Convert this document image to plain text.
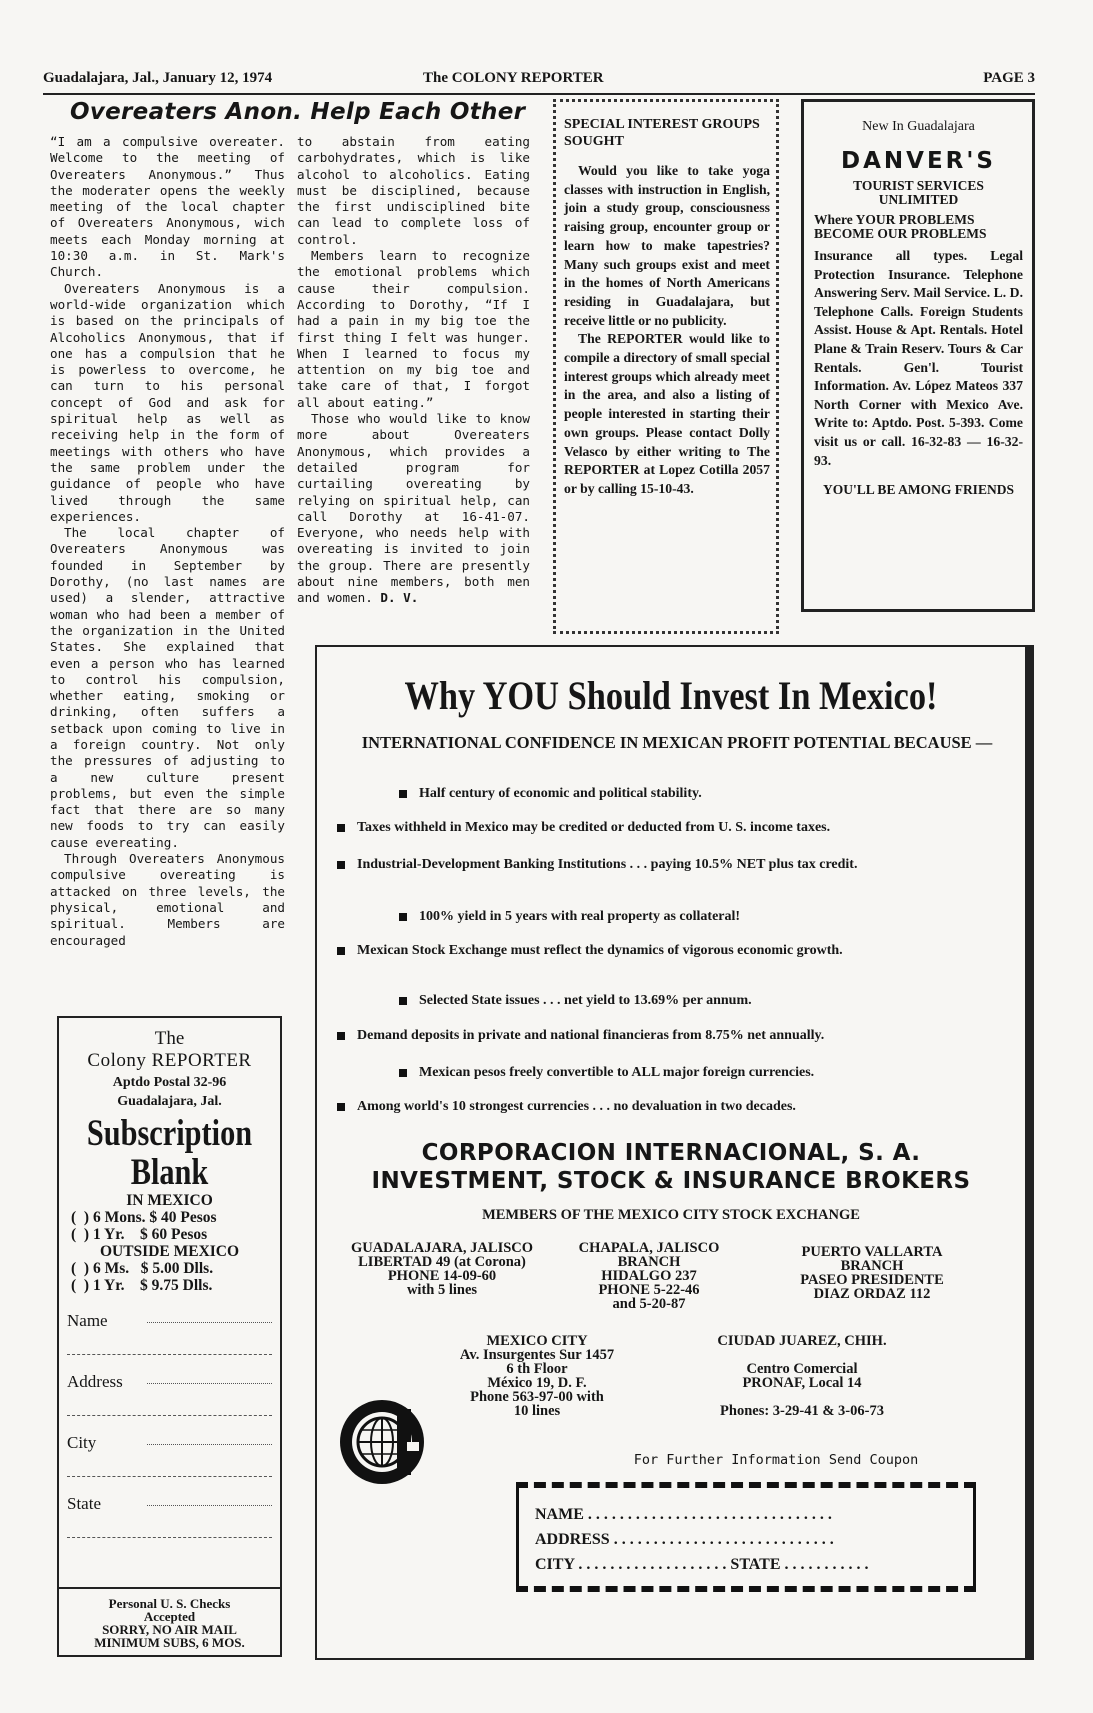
Guadalajara, Jal., January 12, 1974	The COLONY REPORTER	PAGE 3
Overeaters Anon. Help Each Other

“I am a compulsive overeater. Welcome to the meeting of Overeaters Anonymous.” Thus the moderater opens the weekly meeting of the local chapter of Overeaters Anonymous, wich meets each Monday morning at 10:30 a.m. in St. Mark's Church.

Overeaters Anonymous is a world-wide organization which is based on the principals of Alcoholics Anonymous, that if one has a compulsion that he is powerless to overcome, he can turn to his personal concept of God and ask for spiritual help as well as receiving help in the form of meetings with others who have the same problem under the guidance of people who have lived through the same experiences.

The local chapter of Overeaters Anonymous was founded in September by Dorothy, (no last names are used) a slender, attractive woman who had been a member of the organization in the United States. She explained that even a person who has learned to control his compulsion, whether eating, smoking or drinking, often suffers a setback upon coming to live in a foreign country. Not only the pressures of adjusting to a new culture present problems, but even the simple fact that there are so many new foods to try can easily cause evereating.

Through Overeaters Anonymous compulsive overeating is attacked on three levels, the physical, emotional and spiritual. Members are encouraged

to abstain from eating carbohydrates, which is like alcohol to alcoholics. Eating must be disciplined, because the first undisciplined bite can lead to complete loss of control.

Members learn to recognize the emotional problems which cause their compulsion. According to Dorothy, “If I had a pain in my big toe the first thing I felt was hunger. When I learned to focus my attention on my big toe and take care of that, I forgot all about eating.”

Those who would like to know more about Overeaters Anonymous, which provides a detailed program for curtailing overeating by relying on spiritual help, can call Dorothy at 16-41-07. Everyone, who needs help with overeating is invited to join the group. There are presently about nine members, both men and women. D. V.

SPECIAL INTEREST GROUPS SOUGHT

Would you like to take yoga classes with instruction in English, join a study group, consciousness raising group, encounter group or learn how to make tapestries? Many such groups exist and meet in the homes of North Americans residing in Guadalajara, but receive little or no publicity.

The REPORTER would like to compile a directory of small special interest groups which already meet in the area, and also a listing of people interested in starting their own groups. Please contact Dolly Velasco by either writing to The REPORTER at Lopez Cotilla 2057 or by calling 15-10-43.

New In Guadalajara
DANVER'S
TOURIST SERVICES UNLIMITED
Where YOUR PROBLEMS BECOME OUR PROBLEMS
Insurance all types. Legal Protection Insurance. Telephone Answering Serv. Mail Service. L. D. Telephone Calls. Foreign Students Assist. House & Apt. Rentals. Hotel Plane & Train Reserv. Tours & Car Rentals. Gen'l. Tourist Information. Av. López Mateos 337 North Corner with Mexico Ave. Write to: Aptdo. Post. 5-393. Come visit us or call. 16-32-83 — 16-32-93.
YOU'LL BE AMONG FRIENDS
The
Colony REPORTER
Aptdo Postal 32-96
Guadalajara, Jal.
Subscription
Blank
IN MEXICO
(  ) 6 Mons. $ 40 Pesos
(  ) 1 Yr.    $ 60 Pesos
OUTSIDE MEXICO
(  ) 6 Ms.   $ 5.00 Dlls.
(  ) 1 Yr.    $ 9.75 Dlls.
Name
Address
City
State
Personal U. S. Checks
Accepted
SORRY, NO AIR MAIL
MINIMUM SUBS, 6 MOS.
Why YOU Should Invest In Mexico!
INTERNATIONAL CONFIDENCE IN MEXICAN PROFIT POTENTIAL BECAUSE —
Half century of economic and political stability.
Taxes withheld in Mexico may be credited or deducted from U. S. income taxes.
Industrial-Development Banking Institutions . . . paying 10.5% NET plus tax credit.
100% yield in 5 years with real property as collateral!
Mexican Stock Exchange must reflect the dynamics of vigorous economic growth.
Selected State issues . . . net yield to 13.69% per annum.
Demand deposits in private and national financieras from 8.75% net annually.
Mexican pesos freely convertible to ALL major foreign currencies.
Among world's 10 strongest currencies . . . no devaluation in two decades.
CORPORACION INTERNACIONAL, S. A.
INVESTMENT, STOCK & INSURANCE BROKERS
MEMBERS OF THE MEXICO CITY STOCK EXCHANGE
GUADALAJARA, JALISCO
LIBERTAD 49 (at Corona)
PHONE 14-09-60
with 5 lines
CHAPALA, JALISCO
BRANCH
HIDALGO 237
PHONE 5-22-46
and 5-20-87
PUERTO VALLARTA
BRANCH
PASEO PRESIDENTE
DIAZ ORDAZ 112
MEXICO CITY
Av. Insurgentes Sur 1457
6 th Floor
México 19, D. F.
Phone 563-97-00 with
10 lines
CIUDAD JUAREZ, CHIH.

Centro Comercial
PRONAF, Local 14

Phones: 3-29-41 & 3-06-73
For Further Information Send Coupon
NAME . . . . . . . . . . . . . . . . . . . . . . . . . . . . . . .
ADDRESS . . . . . . . . . . . . . . . . . . . . . . . . . . . .
CITY . . . . . . . . . . . . . . . . . . . STATE . . . . . . . . . . .
